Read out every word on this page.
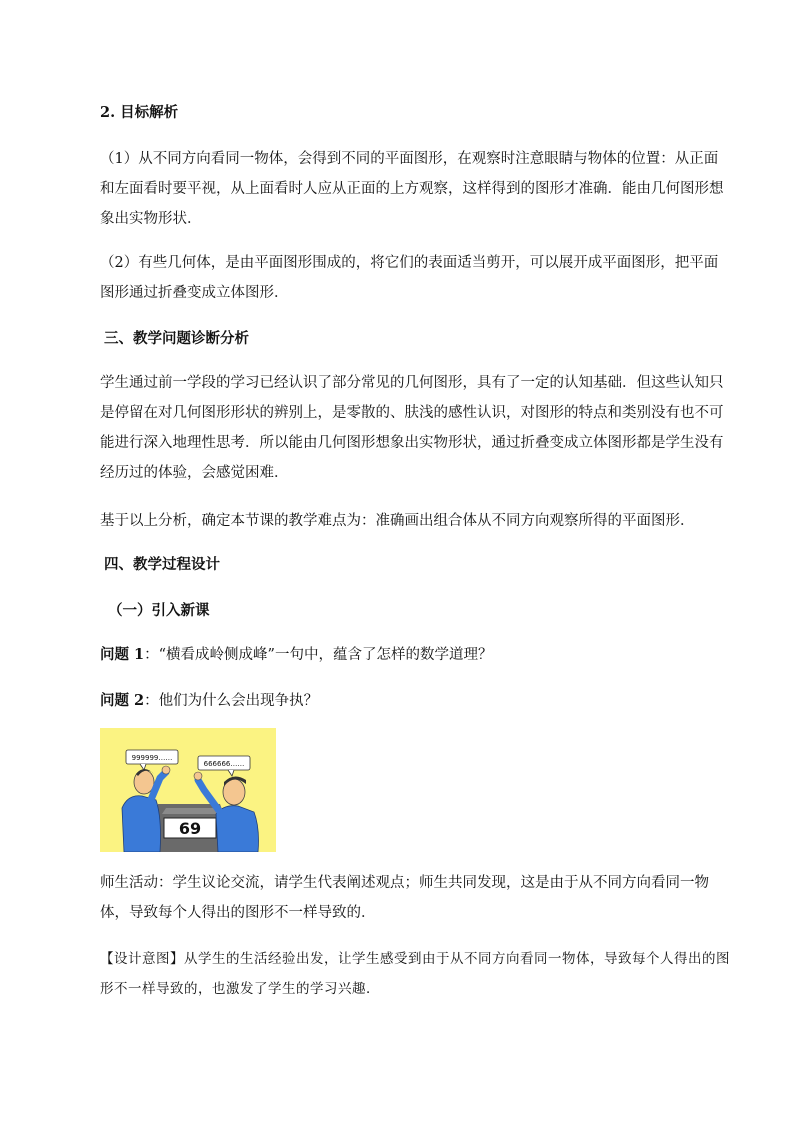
2. 目标解析
（1）从不同方向看同一物体，会得到不同的平面图形，在观察时注意眼睛与物体的位置：从正面和左面看时要平视，从上面看时人应从正面的上方观察，这样得到的图形才准确．能由几何图形想象出实物形状．
（2）有些几何体，是由平面图形围成的，将它们的表面适当剪开，可以展开成平面图形，把平面图形通过折叠变成立体图形．
三、教学问题诊断分析
学生通过前一学段的学习已经认识了部分常见的几何图形，具有了一定的认知基础．但这些认知只是停留在对几何图形形状的辨别上，是零散的、肤浅的感性认识，对图形的特点和类别没有也不可能进行深入地理性思考．所以能由几何图形想象出实物形状，通过折叠变成立体图形都是学生没有经历过的体验，会感觉困难．
基于以上分析，确定本节课的教学难点为：准确画出组合体从不同方向观察所得的平面图形．
四、教学过程设计
（一）引入新课
问题 1：“横看成岭侧成峰”一句中，蕴含了怎样的数学道理？
问题 2：他们为什么会出现争执？
69
999999……
666666……
师生活动：学生议论交流，请学生代表阐述观点；师生共同发现，这是由于从不同方向看同一物体，导致每个人得出的图形不一样导致的．
【设计意图】从学生的生活经验出发，让学生感受到由于从不同方向看同一物体，导致每个人得出的图形不一样导致的，也激发了学生的学习兴趣．
